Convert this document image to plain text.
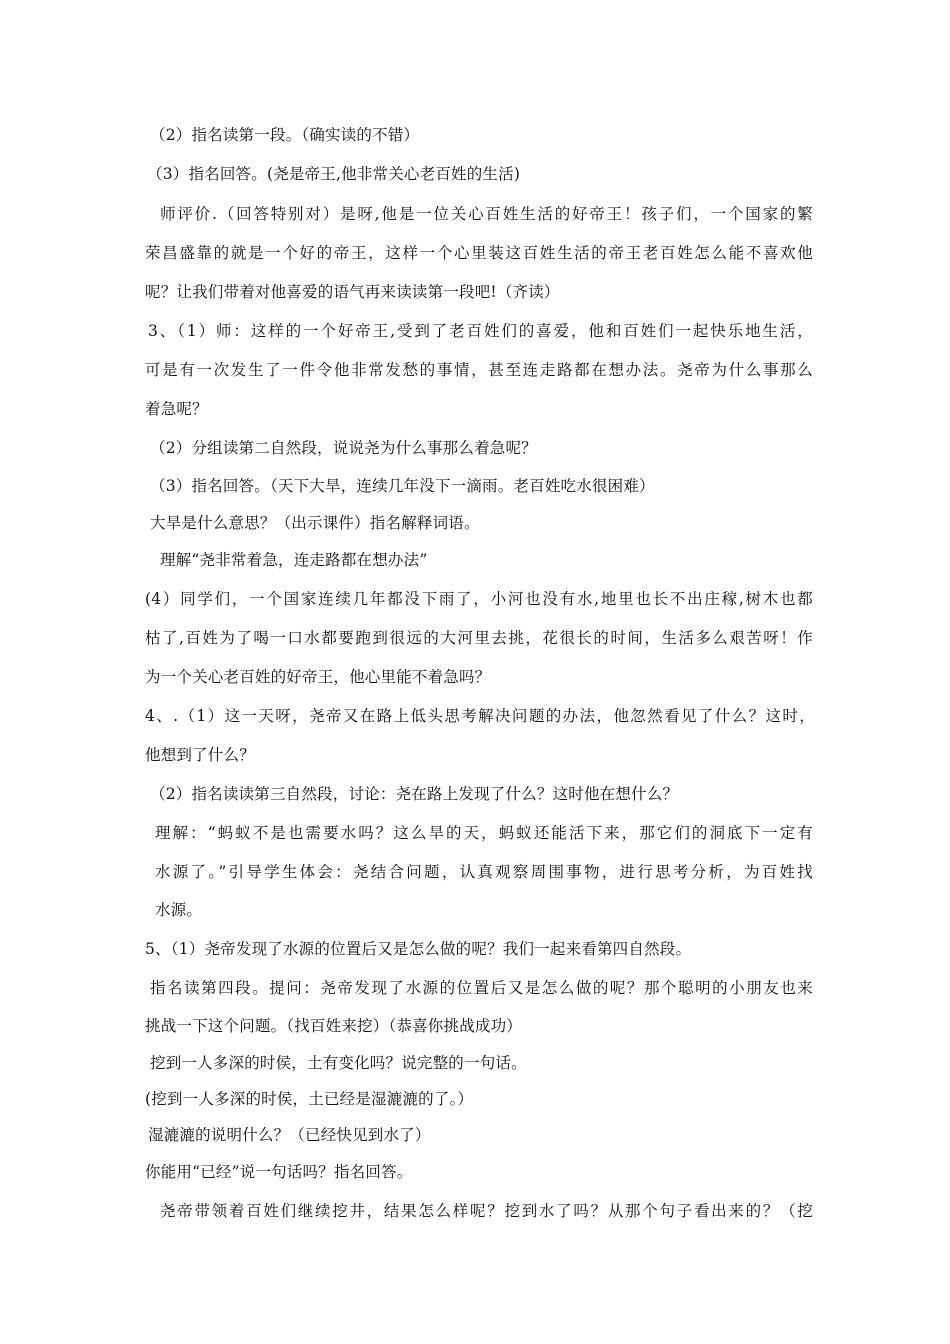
（2）指名读第一段。（确实读的不错）
（3）指名回答。(尧是帝王,他非常关心老百姓的生活)
师评价.（回答特别对）是呀,他是一位关心百姓生活的好帝王！孩子们，一个国家的繁
荣昌盛靠的就是一个好的帝王，这样一个心里装这百姓生活的帝王老百姓怎么能不喜欢他
呢？让我们带着对他喜爱的语气再来读读第一段吧!（齐读）
3、（1）师：这样的一个好帝王,受到了老百姓们的喜爱，他和百姓们一起快乐地生活，
可是有一次发生了一件令他非常发愁的事情，甚至连走路都在想办法。尧帝为什么事那么
着急呢？
（2）分组读第二自然段，说说尧为什么事那么着急呢？
（3）指名回答。（天下大旱，连续几年没下一滴雨。老百姓吃水很困难）
大旱是什么意思？（出示课件）指名解释词语。
理解“尧非常着急，连走路都在想办法”
(4）同学们，一个国家连续几年都没下雨了，小河也没有水,地里也长不出庄稼,树木也都
枯了,百姓为了喝一口水都要跑到很远的大河里去挑，花很长的时间，生活多么艰苦呀！作
为一个关心老百姓的好帝王，他心里能不着急吗？
4、.（1）这一天呀，尧帝又在路上低头思考解决问题的办法，他忽然看见了什么？这时，
他想到了什么？
（2）指名读读第三自然段，讨论：尧在路上发现了什么？这时他在想什么？
理解：“蚂蚁不是也需要水吗？这么旱的天，蚂蚁还能活下来，那它们的洞底下一定有
水源了。”引导学生体会：尧结合问题，认真观察周围事物，进行思考分析，为百姓找
水源。
5、（1）尧帝发现了水源的位置后又是怎么做的呢？我们一起来看第四自然段。
指名读第四段。提问：尧帝发现了水源的位置后又是怎么做的呢？那个聪明的小朋友也来
挑战一下这个问题。（找百姓来挖）（恭喜你挑战成功）
挖到一人多深的时侯，土有变化吗？说完整的一句话。
(挖到一人多深的时侯，土已经是湿漉漉的了。）
湿漉漉的说明什么？（已经快见到水了）
你能用“已经”说一句话吗？指名回答。
尧帝带领着百姓们继续挖井，结果怎么样呢？挖到水了吗？从那个句子看出来的？（挖
